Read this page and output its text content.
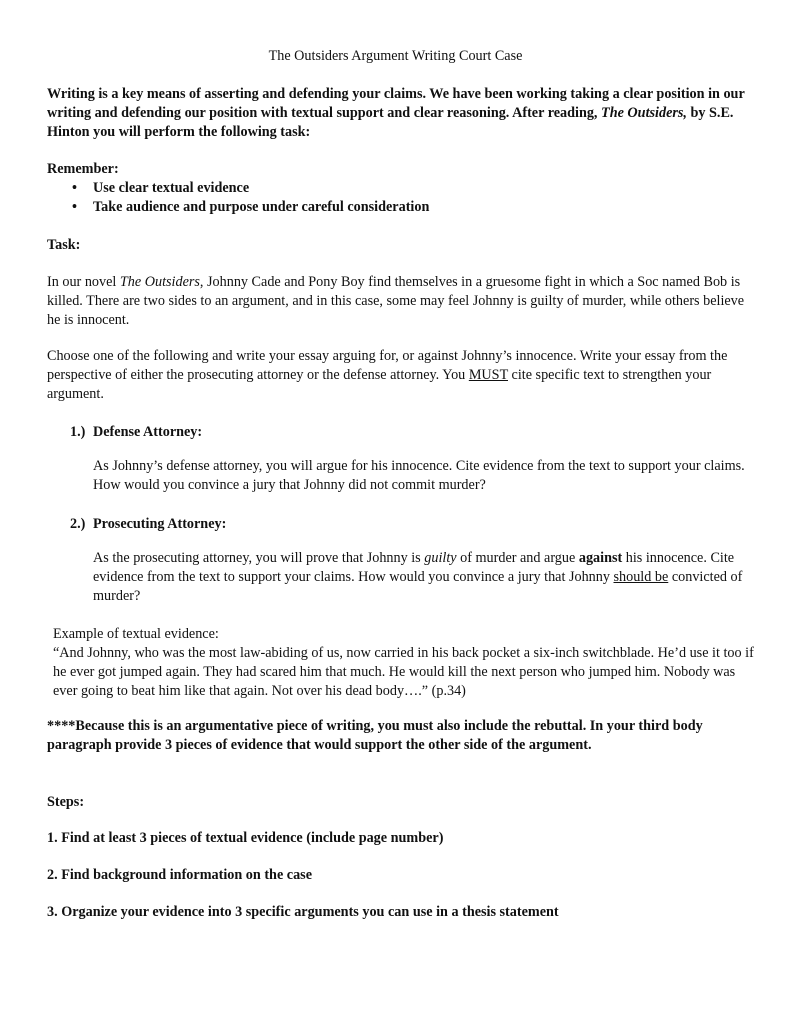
The Outsiders Argument Writing Court Case

Writing is a key means of asserting and defending your claims. We have been working taking a clear position in our writing and defending our position with textual support and clear reasoning. After reading, The Outsiders, by S.E. Hinton you will perform the following task:

Remember:

• Use clear textual evidence
• Take audience and purpose under careful consideration

Task:

In our novel The Outsiders, Johnny Cade and Pony Boy find themselves in a gruesome fight in which a Soc named Bob is killed. There are two sides to an argument, and in this case, some may feel Johnny is guilty of murder, while others believe he is innocent.

Choose one of the following and write your essay arguing for, or against Johnny’s innocence. Write your essay from the perspective of either the prosecuting attorney or the defense attorney. You MUST cite specific text to strengthen your argument.

1.) Defense Attorney:

As Johnny’s defense attorney, you will argue for his innocence. Cite evidence from the text to support your claims. How would you convince a jury that Johnny did not commit murder?

2.) Prosecuting Attorney:

As the prosecuting attorney, you will prove that Johnny is guilty of murder and argue against his innocence. Cite evidence from the text to support your claims. How would you convince a jury that Johnny should be convicted of murder?

Example of textual evidence:

“And Johnny, who was the most law-abiding of us, now carried in his back pocket a six-inch switchblade. He’d use it too if he ever got jumped again. They had scared him that much. He would kill the next person who jumped him. Nobody was ever going to beat him like that again. Not over his dead body….” (p.34)

****Because this is an argumentative piece of writing, you must also include the rebuttal. In your third body paragraph provide 3 pieces of evidence that would support the other side of the argument.

Steps:

1. Find at least 3 pieces of textual evidence (include page number)

2. Find background information on the case

3. Organize your evidence into 3 specific arguments you can use in a thesis statement
